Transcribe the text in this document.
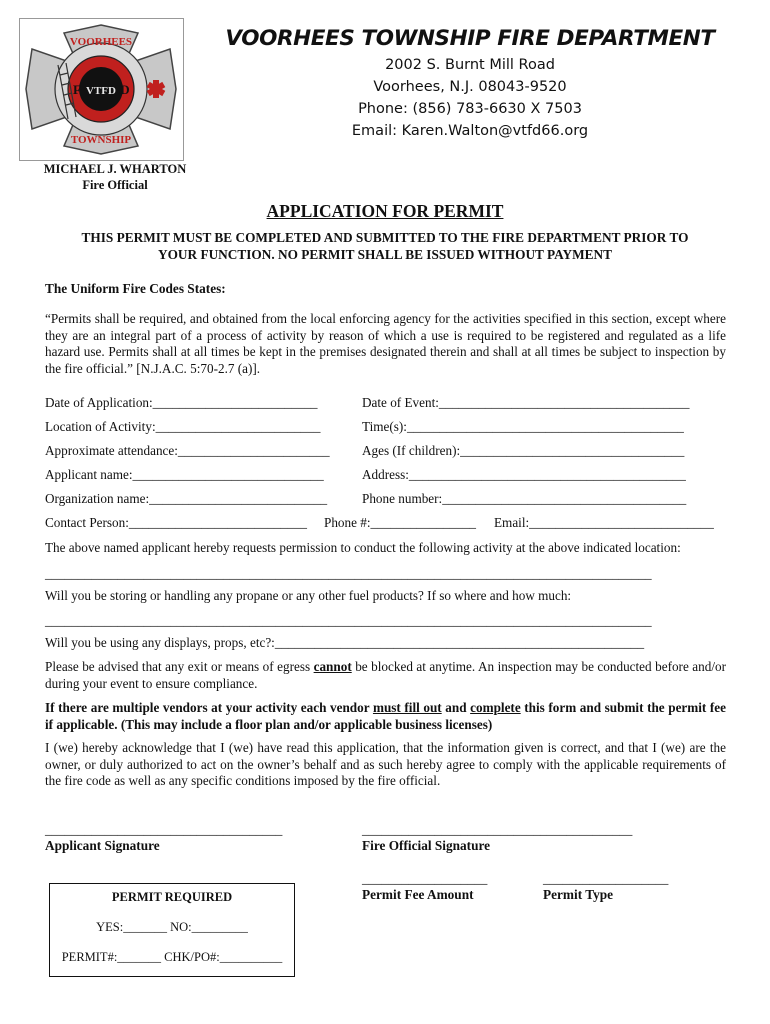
VOORHEES
TOWNSHIP
F	D
VTFD
MICHAEL J. WHARTON
Fire Official
VOORHEES TOWNSHIP FIRE DEPARTMENT
2002 S. Burnt Mill Road
Voorhees, N.J. 08043-9520
Phone: (856) 783-6630 X 7503
Email: Karen.Walton@vtfd66.org
APPLICATION FOR PERMIT
THIS PERMIT MUST BE COMPLETED AND SUBMITTED TO THE FIRE DEPARTMENT PRIOR TO
YOUR FUNCTION. NO PERMIT SHALL BE ISSUED WITHOUT PAYMENT
The Uniform Fire Codes States:
“Permits shall be required, and obtained from the local enforcing agency for the activities specified in this section, except where they are an integral part of a process of activity by reason of which a use is required to be registered and regulated as a life hazard use. Permits shall at all times be kept in the premises designated therein and shall at all times be subject to inspection by the fire official.” [N.J.A.C. 5:70-2.7 (a)].
Date of Application:_________________________	Date of Event:______________________________________
Location of Activity:_________________________	Time(s):__________________________________________
Approximate attendance:_______________________ Ages (If children):__________________________________
Applicant name:_____________________________	Address:__________________________________________
Organization name:___________________________	Phone number:_____________________________________
Contact Person:___________________________ Phone #:________________ Email:____________________________
The above named applicant hereby requests permission to conduct the following activity at the above indicated location:
____________________________________________________________________________________________
Will you be storing or handling any propane or any other fuel products? If so where and how much:
____________________________________________________________________________________________
Will you be using any displays, props, etc?:________________________________________________________
Please be advised that any exit or means of egress cannot be blocked at anytime. An inspection may be conducted before and/or during your event to ensure compliance.
If there are multiple vendors at your activity each vendor must fill out and complete this form and submit the permit fee if applicable. (This may include a floor plan and/or applicable business licenses)
I (we) hereby acknowledge that I (we) have read this application, that the information given is correct, and that I (we) are the owner, or duly authorized to act on the owner’s behalf and as such hereby agree to comply with the applicable requirements of the fire code as well as any specific conditions imposed by the fire official.
____________________________________
Applicant Signature
_________________________________________
Fire Official Signature
___________________
Permit Fee Amount
___________________
Permit Type
PERMIT REQUIRED
YES:_______ NO:_________
PERMIT#:_______ CHK/PO#:__________
